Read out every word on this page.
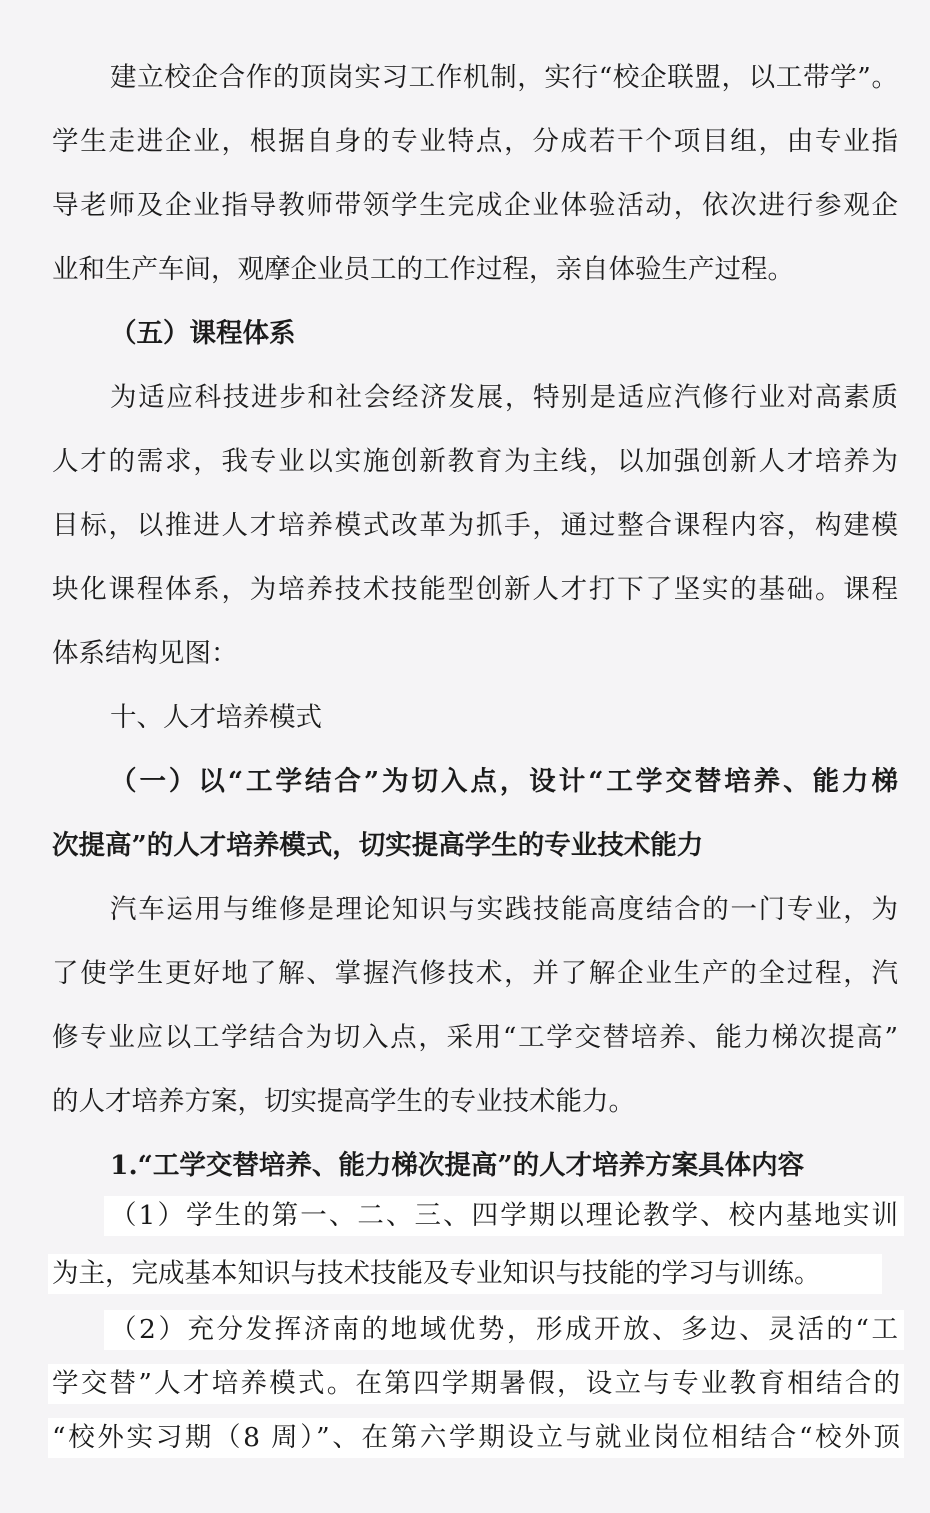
建立校企合作的顶岗实习工作机制，实行“校企联盟，以工带学”。
学生走进企业，根据自身的专业特点，分成若干个项目组，由专业指
导老师及企业指导教师带领学生完成企业体验活动，依次进行参观企
业和生产车间，观摩企业员工的工作过程，亲自体验生产过程。
（五）课程体系
为适应科技进步和社会经济发展，特别是适应汽修行业对高素质
人才的需求，我专业以实施创新教育为主线，以加强创新人才培养为
目标，以推进人才培养模式改革为抓手，通过整合课程内容，构建模
块化课程体系，为培养技术技能型创新人才打下了坚实的基础。课程
体系结构见图：
十、人才培养模式
（一）以“工学结合”为切入点，设计“工学交替培养、能力梯
次提高”的人才培养模式，切实提高学生的专业技术能力
汽车运用与维修是理论知识与实践技能高度结合的一门专业，为
了使学生更好地了解、掌握汽修技术，并了解企业生产的全过程，汽
修专业应以工学结合为切入点，采用“工学交替培养、能力梯次提高”
的人才培养方案，切实提高学生的专业技术能力。
1.“工学交替培养、能力梯次提高”的人才培养方案具体内容
（1）学生的第一、二、三、四学期以理论教学、校内基地实训
为主，完成基本知识与技术技能及专业知识与技能的学习与训练。
（2）充分发挥济南的地域优势，形成开放、多边、灵活的“工
学交替”人才培养模式。在第四学期暑假，设立与专业教育相结合的
“校外实习期（8 周）”、在第六学期设立与就业岗位相结合“校外顶
